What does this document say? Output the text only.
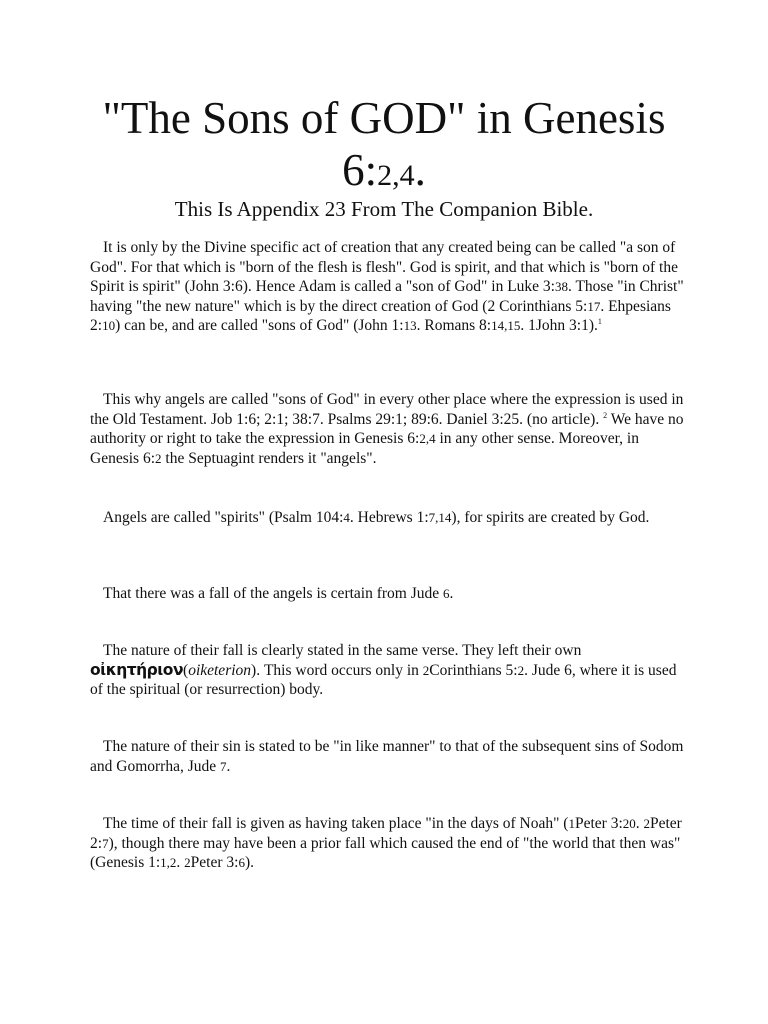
"The Sons of GOD" in Genesis 6:2,4.

This Is Appendix 23 From The Companion Bible.

It is only by the Divine specific act of creation that any created being can be called "a son of God". For that which is "born of the flesh is flesh". God is spirit, and that which is "born of the Spirit is spirit" (John 3:6). Hence Adam is called a "son of God" in Luke 3:38. Those "in Christ" having "the new nature" which is by the direct creation of God (2 Corinthians 5:17. Ehpesians 2:10) can be, and are called "sons of God" (John 1:13. Romans 8:14,15. 1John 3:1).$^1$

This why angels are called "sons of God" in every other place where the expression is used in the Old Testament. Job 1:6; 2:1; 38:7. Psalms 29:1; 89:6. Daniel 3:25. (no article). $^2$ We have no authority or right to take the expression in Genesis 6:2,4 in any other sense. Moreover, in Genesis 6:2 the Septuagint renders it "angels".

Angels are called "spirits" (Psalm 104:4. Hebrews 1:7,14), for spirits are created by God.

That there was a fall of the angels is certain from Jude 6.

The nature of their fall is clearly stated in the same verse. They left their own οἰκητήριον(oiketerion). This word occurs only in 2Corinthians 5:2. Jude 6, where it is used of the spiritual (or resurrection) body.

The nature of their sin is stated to be "in like manner" to that of the subsequent sins of Sodom and Gomorrha, Jude 7.

The time of their fall is given as having taken place "in the days of Noah" (1Peter 3:20. 2Peter 2:7), though there may have been a prior fall which caused the end of "the world that then was" (Genesis 1:1,2. 2Peter 3:6).
